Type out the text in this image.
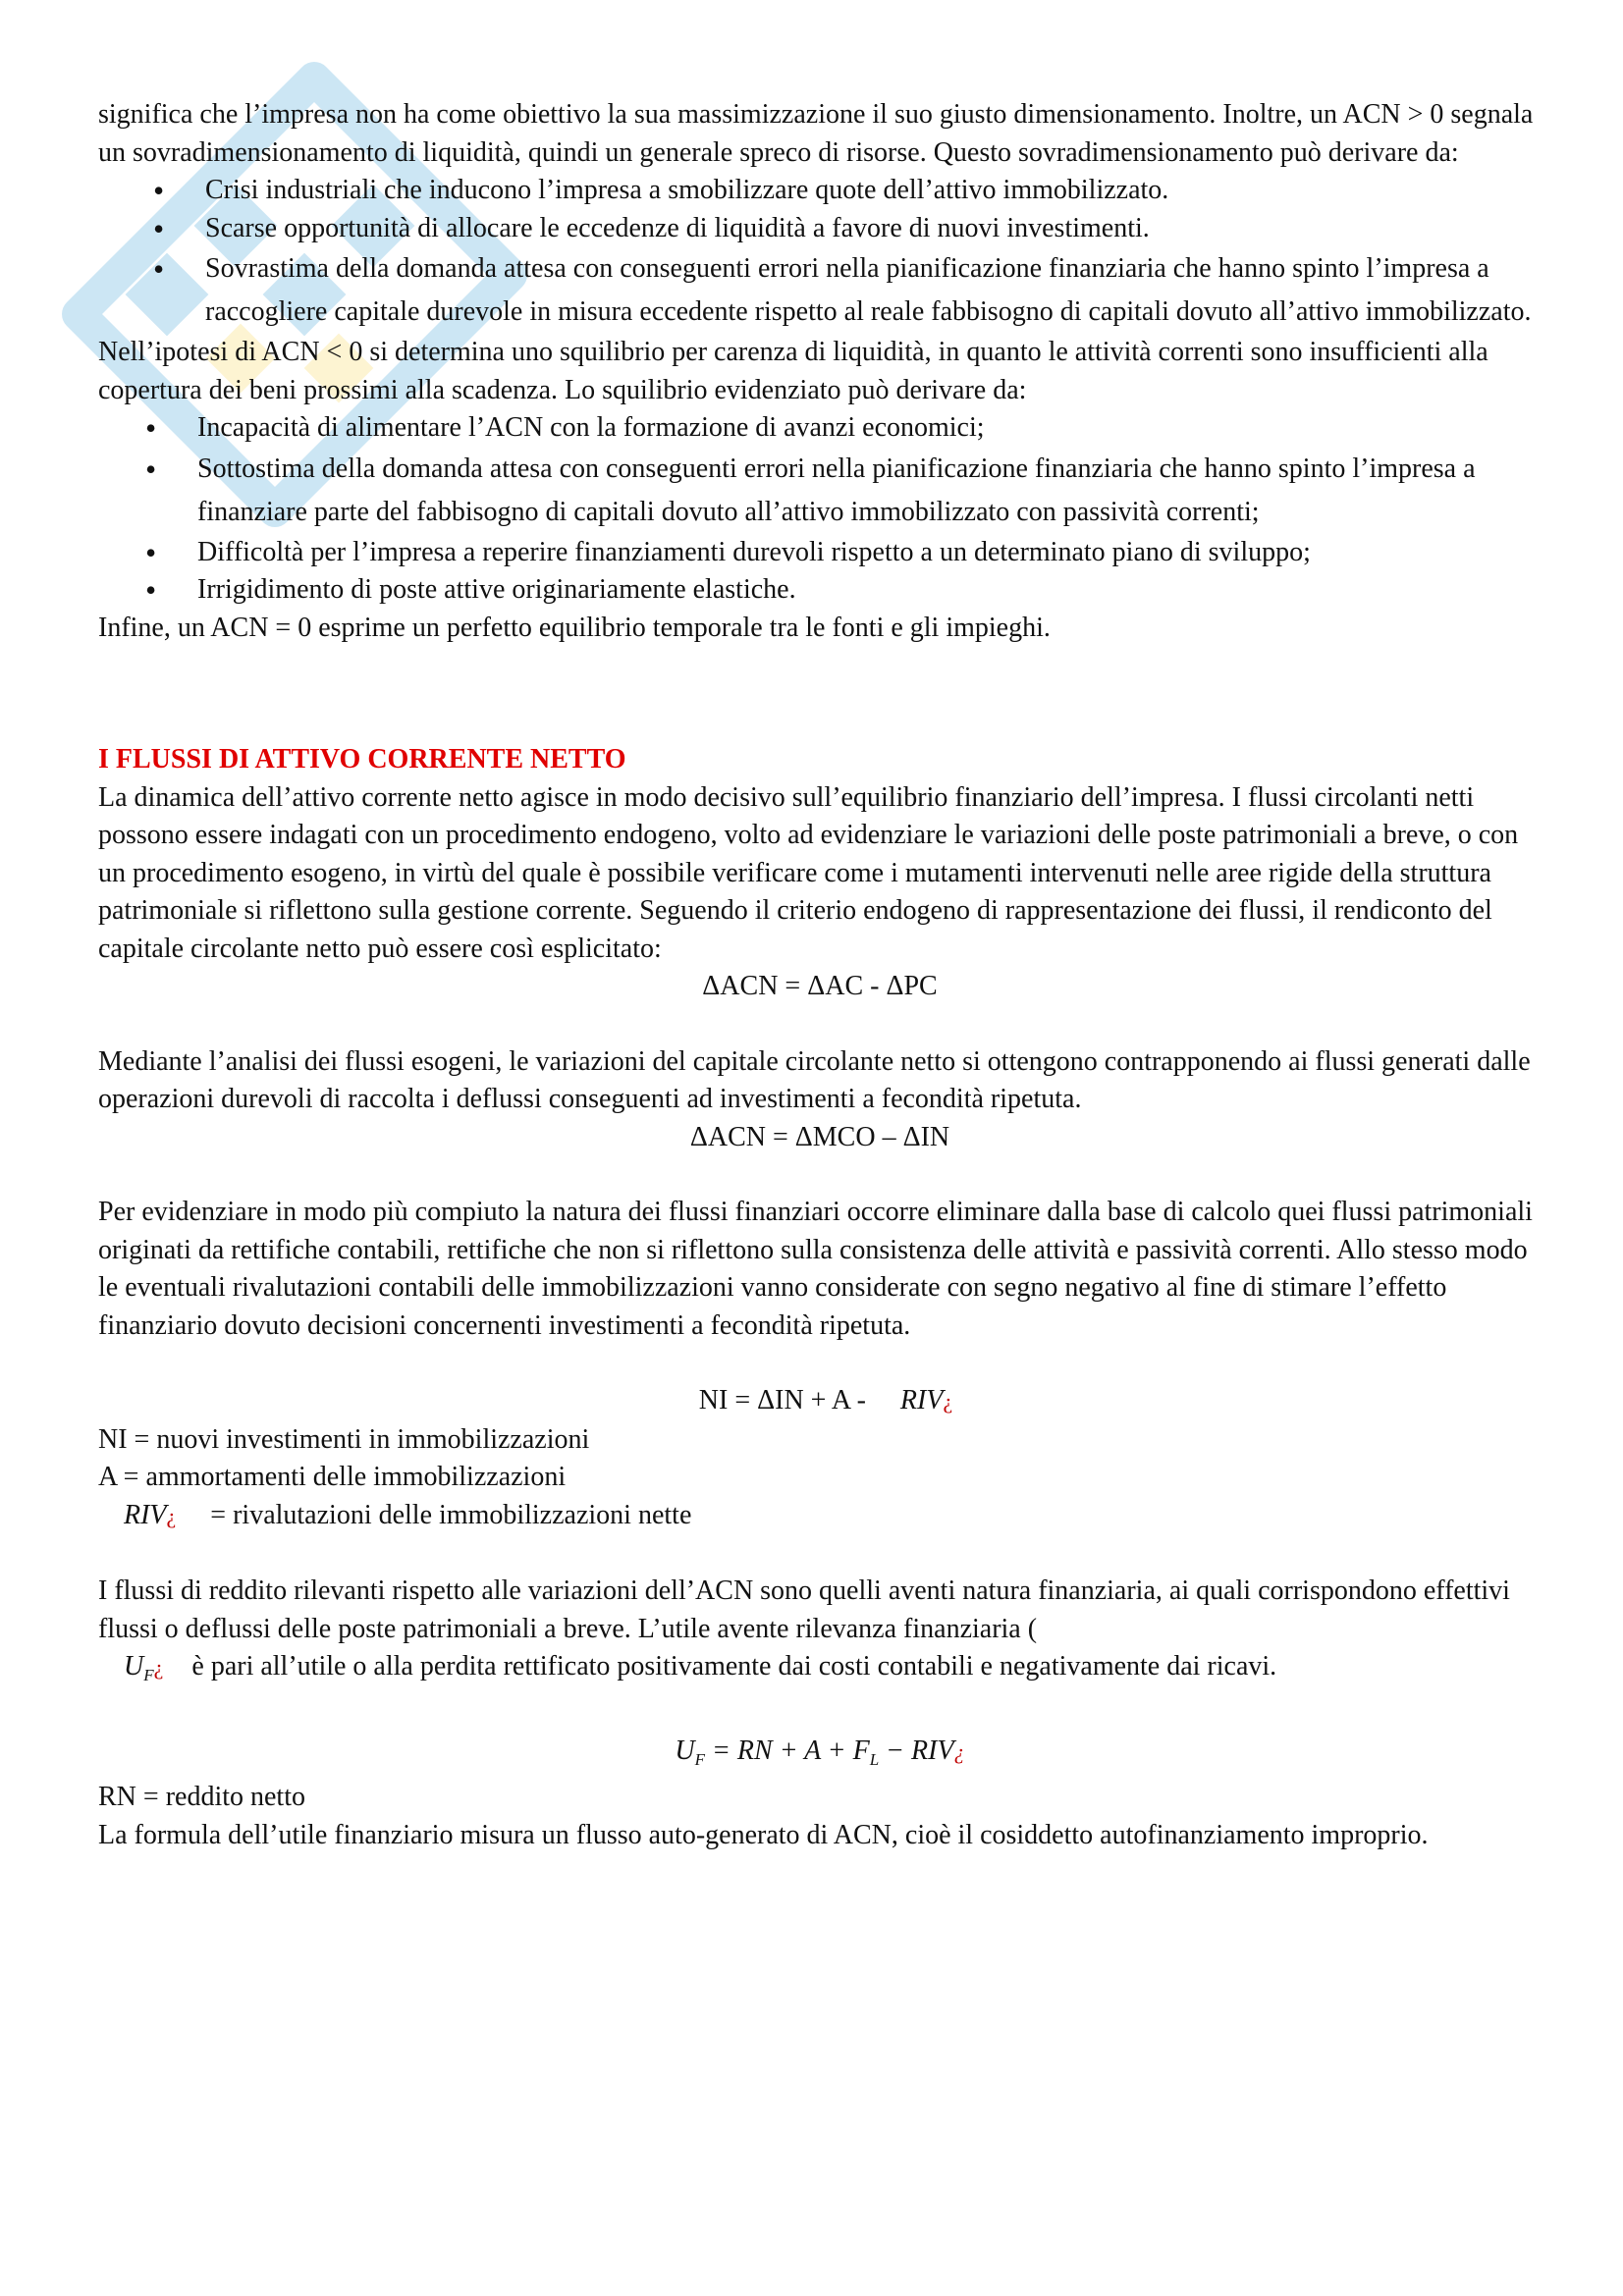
significa che l’impresa non ha come obiettivo la sua massimizzazione il suo giusto dimensionamento. Inoltre, un ACN > 0 segnala un sovradimensionamento di liquidità, quindi un generale spreco di risorse. Questo sovradimensionamento può derivare da:

• Crisi industriali che inducono l’impresa a smobilizzare quote dell’attivo immobilizzato.
• Scarse opportunità di allocare le eccedenze di liquidità a favore di nuovi investimenti.
• Sovrastima della domanda attesa con conseguenti errori nella pianificazione finanziaria che hanno spinto l’impresa a raccogliere capitale durevole in misura eccedente rispetto al reale fabbisogno di capitali dovuto all’attivo immobilizzato.

Nell’ipotesi di ACN < 0 si determina uno squilibrio per carenza di liquidità, in quanto le attività correnti sono insufficienti alla copertura dei beni prossimi alla scadenza. Lo squilibrio evidenziato può derivare da:

• Incapacità di alimentare l’ACN con la formazione di avanzi economici;
• Sottostima della domanda attesa con conseguenti errori nella pianificazione finanziaria che hanno spinto l’impresa a finanziare parte del fabbisogno di capitali dovuto all’attivo immobilizzato con passività correnti;
• Difficoltà per l’impresa a reperire finanziamenti durevoli rispetto a un determinato piano di sviluppo;
• Irrigidimento di poste attive originariamente elastiche.

Infine, un ACN = 0 esprime un perfetto equilibrio temporale tra le fonti e gli impieghi.

I FLUSSI DI ATTIVO CORRENTE NETTO

La dinamica dell’attivo corrente netto agisce in modo decisivo sull’equilibrio finanziario dell’impresa. I flussi circolanti netti possono essere indagati con un procedimento endogeno, volto ad evidenziare le variazioni delle poste patrimoniali a breve, o con un procedimento esogeno, in virtù del quale è possibile verificare come i mutamenti intervenuti nelle aree rigide della struttura patrimoniale si riflettono sulla gestione corrente. Seguendo il criterio endogeno di rappresentazione dei flussi, il rendiconto del capitale circolante netto può essere così esplicitato:

ΔACN = ΔAC - ΔPC

Mediante l’analisi dei flussi esogeni, le variazioni del capitale circolante netto si ottengono contrapponendo ai flussi generati dalle operazioni durevoli di raccolta i deflussi conseguenti ad investimenti a fecondità ripetuta.

ΔACN = ΔMCO – ΔIN

Per evidenziare in modo più compiuto la natura dei flussi finanziari occorre eliminare dalla base di calcolo quei flussi patrimoniali originati da rettifiche contabili, rettifiche che non si riflettono sulla consistenza delle attività e passività correnti. Allo stesso modo le eventuali rivalutazioni contabili delle immobilizzazioni vanno considerate con segno negativo al fine di stimare l’effetto finanziario dovuto decisioni concernenti investimenti a fecondità ripetuta.

NI = ΔIN + A - RIV¿

NI = nuovi investimenti in immobilizzazioni

A = ammortamenti delle immobilizzazioni

RIV¿ = rivalutazioni delle immobilizzazioni nette

I flussi di reddito rilevanti rispetto alle variazioni dell’ACN sono quelli aventi natura finanziaria, ai quali corrispondono effettivi flussi o deflussi delle poste patrimoniali a breve. L’utile avente rilevanza finanziaria (
$U_F¿$ è pari all’utile o alla perdita rettificato positivamente dai costi contabili e negativamente dai ricavi.

$U_F$ = RN + $A + F_L$ − RIV¿

RN = reddito netto

La formula dell’utile finanziario misura un flusso auto-generato di ACN, cioè il cosiddetto autofinanziamento improprio.
